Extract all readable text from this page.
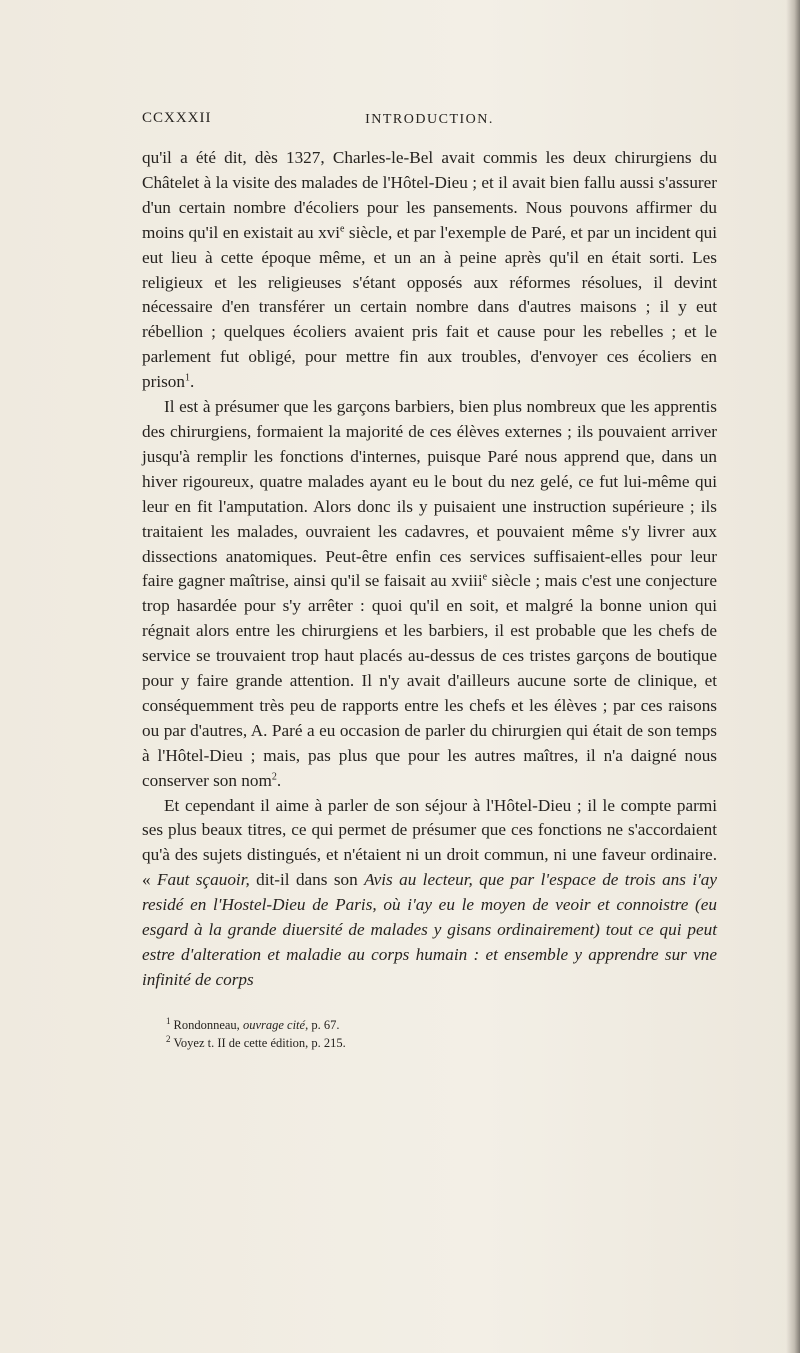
CCXXXII	INTRODUCTION.

qu'il a été dit, dès 1327, Charles-le-Bel avait commis les deux chirurgiens du Châtelet à la visite des malades de l'Hôtel-Dieu ; et il avait bien fallu aussi s'assurer d'un certain nombre d'écoliers pour les pansements. Nous pouvons affirmer du moins qu'il en existait au xvi$^e$ siècle, et par l'exemple de Paré, et par un incident qui eut lieu à cette époque même, et un an à peine après qu'il en était sorti. Les religieux et les religieuses s'étant opposés aux réformes résolues, il devint nécessaire d'en transférer un certain nombre dans d'autres maisons ; il y eut rébellion ; quelques écoliers avaient pris fait et cause pour les rebelles ; et le parlement fut obligé, pour mettre fin aux troubles, d'envoyer ces écoliers en prison$^1$.

Il est à présumer que les garçons barbiers, bien plus nombreux que les apprentis des chirurgiens, formaient la majorité de ces élèves externes ; ils pouvaient arriver jusqu'à remplir les fonctions d'internes, puisque Paré nous apprend que, dans un hiver rigoureux, quatre malades ayant eu le bout du nez gelé, ce fut lui-même qui leur en fit l'amputation. Alors donc ils y puisaient une instruction supérieure ; ils traitaient les malades, ouvraient les cadavres, et pouvaient même s'y livrer aux dissections anatomiques. Peut-être enfin ces services suffisaient-elles pour leur faire gagner maîtrise, ainsi qu'il se faisait au xviii$^e$ siècle ; mais c'est une conjecture trop hasardée pour s'y arrêter : quoi qu'il en soit, et malgré la bonne union qui régnait alors entre les chirurgiens et les barbiers, il est probable que les chefs de service se trouvaient trop haut placés au-dessus de ces tristes garçons de boutique pour y faire grande attention. Il n'y avait d'ailleurs aucune sorte de clinique, et conséquemment très peu de rapports entre les chefs et les élèves ; par ces raisons ou par d'autres, A. Paré a eu occasion de parler du chirurgien qui était de son temps à l'Hôtel-Dieu ; mais, pas plus que pour les autres maîtres, il n'a daigné nous conserver son nom$^2$.

Et cependant il aime à parler de son séjour à l'Hôtel-Dieu ; il le compte parmi ses plus beaux titres, ce qui permet de présumer que ces fonctions ne s'accordaient qu'à des sujets distingués, et n'étaient ni un droit commun, ni une faveur ordinaire. « Faut sçauoir, dit-il dans son Avis au lecteur, que par l'espace de trois ans i'ay residé en l'Hostel-Dieu de Paris, où i'ay eu le moyen de veoir et connoistre (eu esgard à la grande diuersité de malades y gisans ordinairement) tout ce qui peut estre d'alteration et maladie au corps humain : et ensemble y apprendre sur vne infinité de corps

$^1$ Rondonneau, ouvrage cité, p. 67.

$^2$ Voyez t. II de cette édition, p. 215.
